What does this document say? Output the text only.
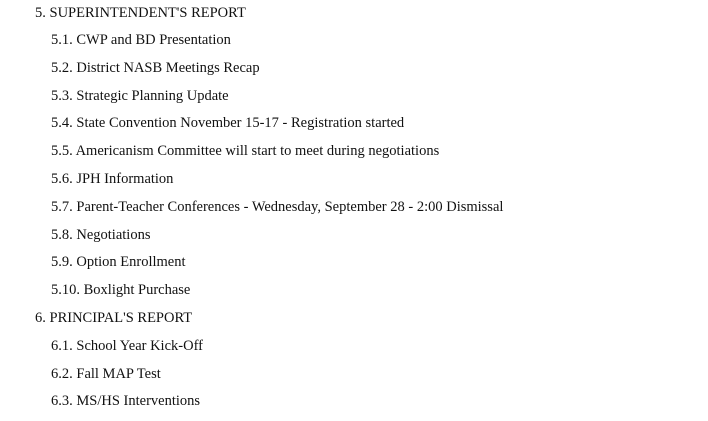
5. SUPERINTENDENT'S REPORT
5.1. CWP and BD Presentation
5.2. District NASB Meetings Recap
5.3. Strategic Planning Update
5.4. State Convention November 15-17 - Registration started
5.5. Americanism Committee will start to meet during negotiations
5.6. JPH Information
5.7. Parent-Teacher Conferences - Wednesday, September 28 - 2:00 Dismissal
5.8. Negotiations
5.9. Option Enrollment
5.10. Boxlight Purchase
6. PRINCIPAL'S REPORT
6.1. School Year Kick-Off
6.2. Fall MAP Test
6.3. MS/HS Interventions
